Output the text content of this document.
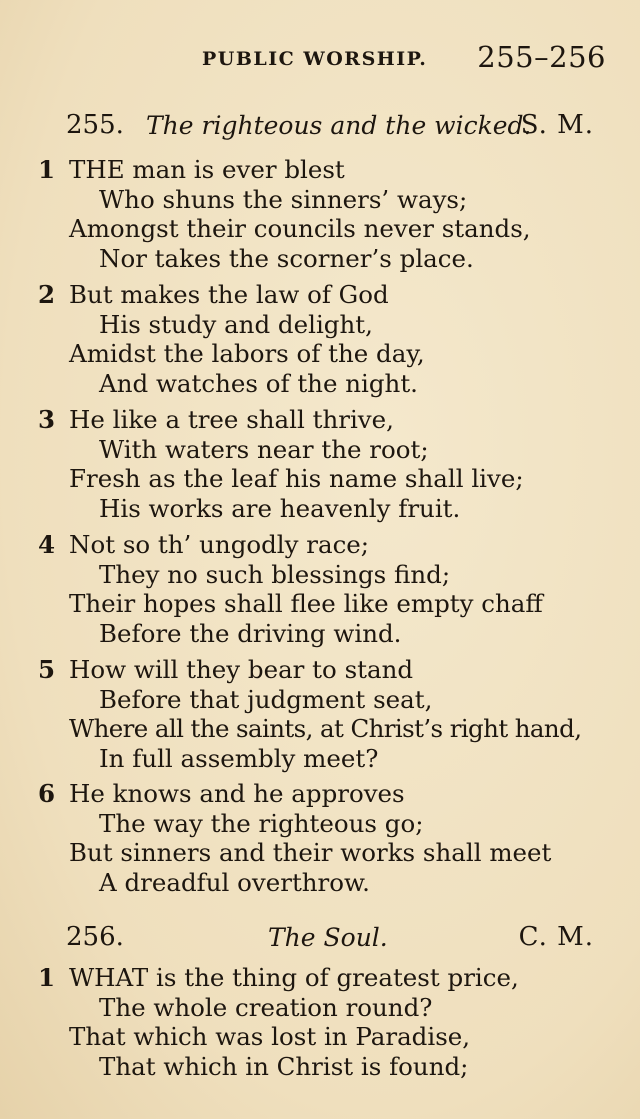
PUBLIC WORSHIP. 255–256
255. The righteous and the wicked.
S. M.
1 THE man is ever blest
Who shuns the sinners’ ways;
Amongst their councils never stands,
Nor takes the scorner’s place.
2 But makes the law of God
His study and delight,
Amidst the labors of the day,
And watches of the night.
3 He like a tree shall thrive,
With waters near the root;
Fresh as the leaf his name shall live;
His works are heavenly fruit.
4 Not so th’ ungodly race;
They no such blessings find;
Their hopes shall flee like empty chaff
Before the driving wind.
5 How will they bear to stand
Before that judgment seat,
Where all the saints, at Christ’s right hand,
In full assembly meet?
6 He knows and he approves
The way the righteous go;
But sinners and their works shall meet
A dreadful overthrow.
256.	The Soul.	C. M.
1 WHAT is the thing of greatest price,
The whole creation round?
That which was lost in Paradise,
That which in Christ is found;
